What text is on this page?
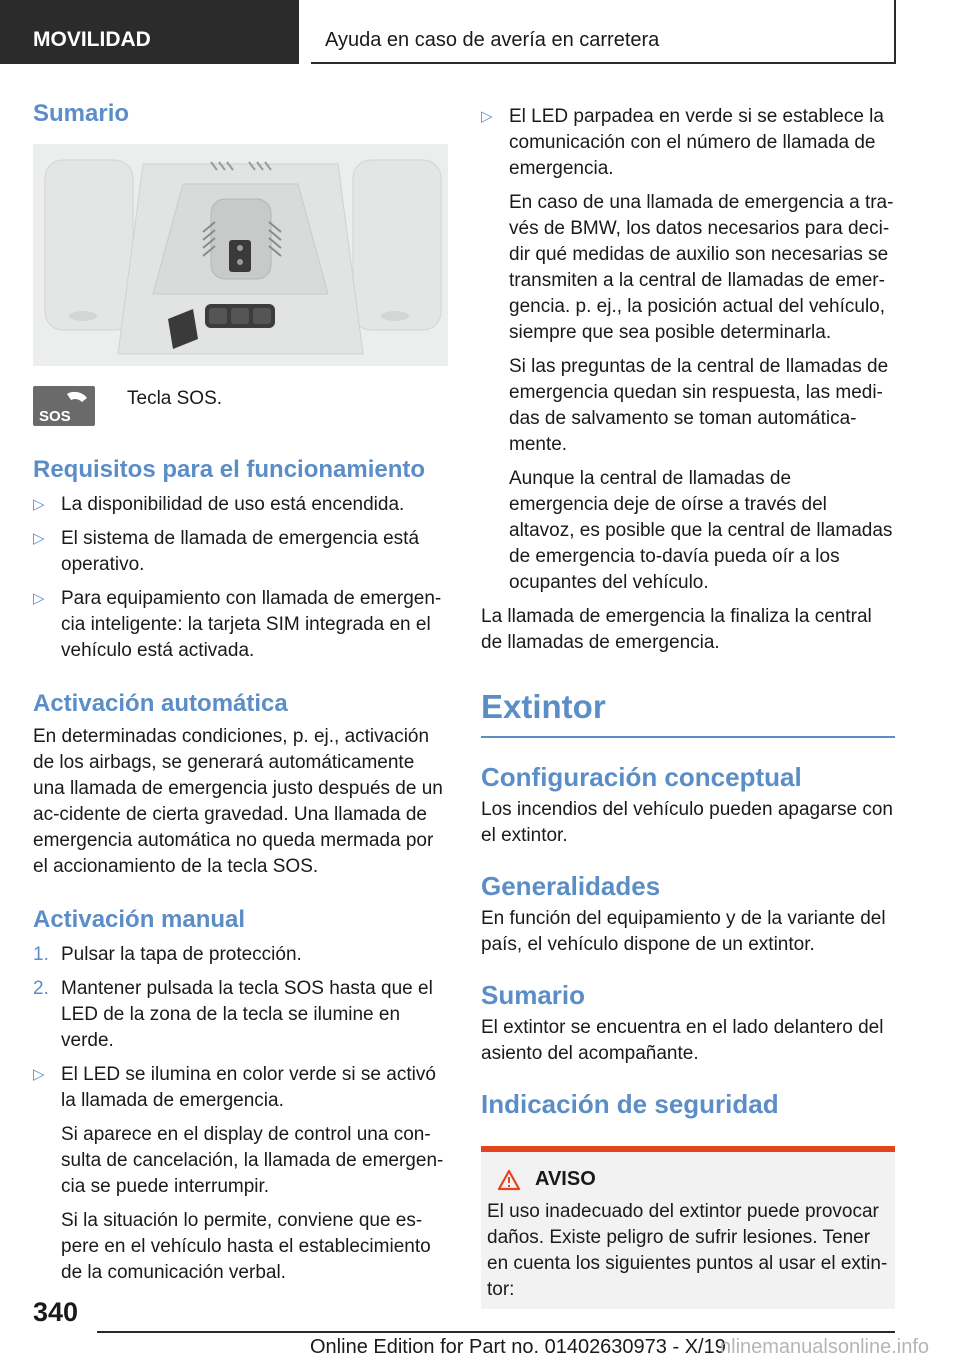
MOVILIDAD	Ayuda en caso de avería en carretera
Sumario
SOS
Tecla SOS.
Requisitos para el funcionamiento

▷ La disponibilidad de uso está encendida.

▷ El sistema de llamada de emergencia está operativo.

▷ Para equipamiento con llamada de emergen‐cia inteligente: la tarjeta SIM integrada en el vehículo está activada.

Activación automática

En determinadas condiciones, p. ej., activación de los airbags, se generará automáticamente una llamada de emergencia justo después de un ac‐cidente de cierta gravedad. Una llamada de emergencia automática no queda mermada por el accionamiento de la tecla SOS.

Activación manual

1. Pulsar la tapa de protección.

2. Mantener pulsada la tecla SOS hasta que el LED de la zona de la tecla se ilumine en verde.

▷ El LED se ilumina en color verde si se activó la llamada de emergencia.

Si aparece en el display de control una con‐sulta de cancelación, la llamada de emergen‐cia se puede interrumpir.

Si la situación lo permite, conviene que es‐pere en el vehículo hasta el establecimiento de la comunicación verbal.

▷ El LED parpadea en verde si se establece la comunicación con el número de llamada de emergencia.

En caso de una llamada de emergencia a tra‐vés de BMW, los datos necesarios para deci‐dir qué medidas de auxilio son necesarias se transmiten a la central de llamadas de emer‐gencia. p. ej., la posición actual del vehículo, siempre que sea posible determinarla.

Si las preguntas de la central de llamadas de emergencia quedan sin respuesta, las medi‐das de salvamento se toman automática‐mente.

Aunque la central de llamadas de emergencia deje de oírse a través del altavoz, es posible que la central de llamadas de emergencia to‐davía pueda oír a los ocupantes del vehículo.

La llamada de emergencia la finaliza la central de llamadas de emergencia.

Extintor
Configuración conceptual

Los incendios del vehículo pueden apagarse con el extintor.

Generalidades

En función del equipamiento y de la variante del país, el vehículo dispone de un extintor.

Sumario

El extintor se encuentra en el lado delantero del asiento del acompañante.

Indicación de seguridad
AVISO

El uso inadecuado del extintor puede provocar daños. Existe peligro de sufrir lesiones. Tener en cuenta los siguientes puntos al usar el extin‐tor:

340
Online Edition for Part no. 01402630973 - X/19
nlinemanualsonline.info
